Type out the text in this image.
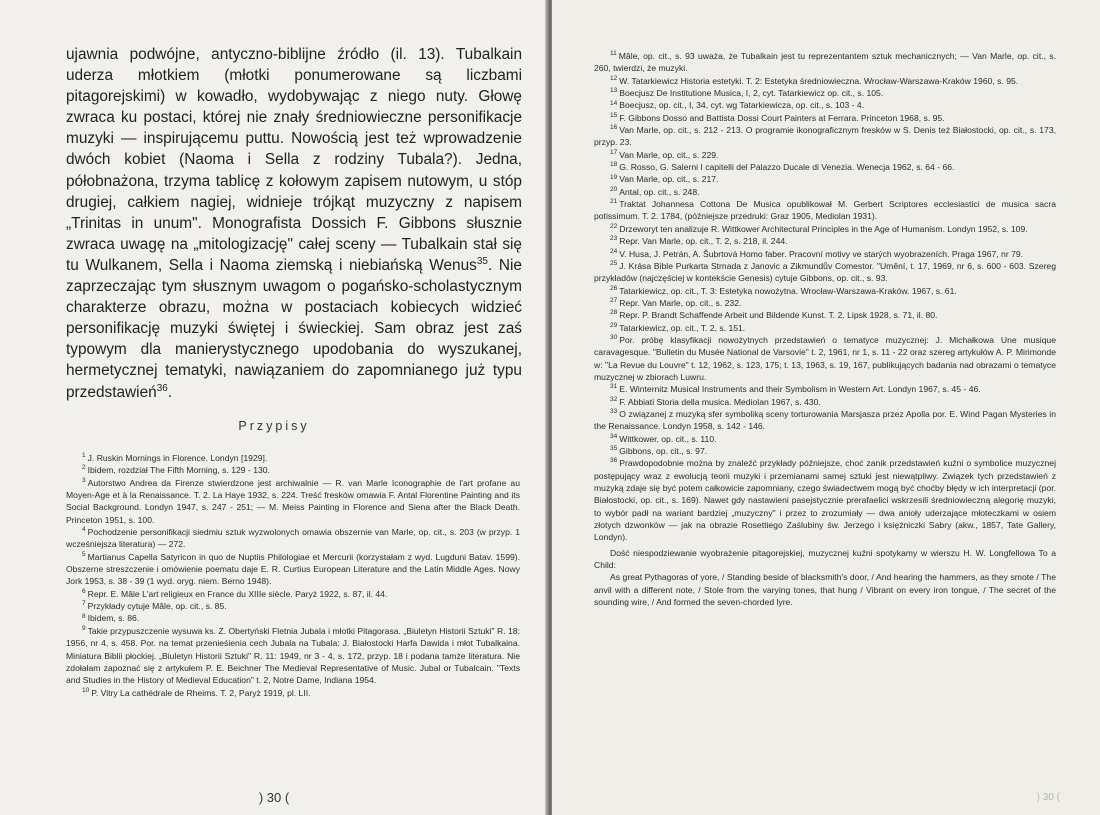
ujawnia podwójne, antyczno-biblijne źródło (il. 13). Tubalkain uderza młotkiem (młotki ponumerowane są liczbami pitagorejskimi) w kowadło, wydobywając z niego nuty. Głowę zwraca ku postaci, której nie znały średniowieczne personifikacje muzyki — inspirującemu puttu. Nowością jest też wprowadzenie dwóch kobiet (Naoma i Sella z rodziny Tubala?). Jedna, półobnażona, trzyma tablicę z kołowym zapisem nutowym, u stóp drugiej, całkiem nagiej, widnieje trójkąt muzyczny z napisem „Trinitas in unum". Monografista Dossich F. Gibbons słusznie zwraca uwagę na „mitologizację" całej sceny — Tubalkain stał się tu Wulkanem, Sella i Naoma ziemską i niebiańską Wenus$^{35}$. Nie zaprzeczając tym słusznym uwagom o pogańsko-scholastycznym charakterze obrazu, można w postaciach kobiecych widzieć personifikację muzyki świętej i świeckiej. Sam obraz jest zaś typowym dla manierystycznego upodobania do wyszukanej, hermetycznej tematyki, nawiązaniem do zapomnianego już typu przedstawień$^{36}$.

Przypisy

$^1$ J. Ruskin Mornings in Florence. Londyn [1929].

$^2$ Ibidem, rozdział The Fifth Morning, s. 129 - 130.

$^3$ Autorstwo Andrea da Firenze stwierdzone jest archiwalnie — R. van Marle Iconographie de l'art profane au Moyen-Age et à la Renaissance. T. 2. La Haye 1932, s. 224. Treść fresków omawia F. Antal Florentine Painting and its Social Background. Londyn 1947, s. 247 - 251; — M. Meiss Painting in Florence and Siena after the Black Death. Princeton 1951, s. 100.

$^4$ Pochodzenie personifikacji siedmiu sztuk wyzwolonych omawia obszernie van Marle, op. cit., s. 203 (w przyp. 1 wcześniejsza literatura) — 272.

$^5$ Martianus Capella Satyricon in quo de Nuptiis Philologiae et Mercurii (korzystałam z wyd. Lugduni Batav. 1599). Obszerne streszczenie i omówienie poematu daje E. R. Curtius European Literature and the Latin Middle Ages. Nowy Jork 1953, s. 38 - 39 (1 wyd. oryg. niem. Berno 1948).

$^6$ Repr. E. Mâle L'art religieux en France du XIIIe siècle. Paryż 1922, s. 87, il. 44.

$^7$ Przykłady cytuje Mâle, op. cit., s. 85.

$^8$ Ibidem, s. 86.

$^9$ Takie przypuszczenie wysuwa ks. Z. Obertyński Fletnia Jubala i młotki Pitagorasa. „Biuletyn Historii Sztuki" R. 18: 1956, nr 4, s. 458. Por. na temat przenieśienia cech Jubala na Tubala: J. Białostocki Harfa Dawida i młot Tubalkaina. Miniatura Biblii płockiej. „Biuletyn Historii Sztuki" R. 11: 1949, nr 3 - 4, s. 172, przyp. 18 i podana tamże literatura. Nie zdołałam zapoznać się z artykułem P. E. Beichner The Medieval Representative of Music. Jubal or Tubalcain. "Texts and Studies in the History of Medieval Education" t. 2, Notre Dame, Indiana 1954.

$^{10}$ P. Vitry La cathédrale de Rheims. T. 2, Paryż 1919, pl. LII.

) 30 (

$^{11}$ Mâle, op. cit., s. 93 uważa, że Tubalkain jest tu reprezentantem sztuk mechanicznych; — Van Marle, op. cit., s. 260, twierdzi, że muzyki.

$^{12}$ W. Tatarkiewicz Historia estetyki. T. 2: Estetyka średniowieczna. Wrocław-Warszawa-Kraków 1960, s. 95.

$^{13}$ Boecjusz De Institutione Musica, I, 2, cyt. Tatarkiewicz op. cit., s. 105.

$^{14}$ Boecjusz, op. cit., I, 34, cyt. wg Tatarkiewicza, op. cit., s. 103 - 4.

$^{15}$ F. Gibbons Dosso and Battista Dossi Court Painters at Ferrara. Princeton 1968, s. 95.

$^{16}$ Van Marle, op. cit., s. 212 - 213. O programie ikonograficznym fresków w S. Denis też Białostocki, op. cit., s. 173, przyp. 23.

$^{17}$ Van Marle, op. cit., s. 229.

$^{18}$ G. Rosso, G. Salerni I capitelli del Palazzo Ducale di Venezia. Wenecja 1962, s. 64 - 66.

$^{19}$ Van Marle, op. cit., s. 217.

$^{20}$ Antal, op. cit., s. 248.

$^{21}$ Traktat Johannesa Cottona De Musica opublikował M. Gerbert Scriptores ecclesiastici de musica sacra potissimum. T. 2. 1784, (późniejsze przedruki: Graz 1905, Mediolan 1931).

$^{22}$ Drzeworyt ten analizuje R. Wittkower Architectural Principles in the Age of Humanism. Londyn 1952, s. 109.

$^{23}$ Repr. Van Marle, op. cit., T. 2, s. 218, il. 244.

$^{24}$ V. Husa, J. Petrán, A. Šubrtová Homo faber. Pracovní motivy ve starých wyobrazeních. Praga 1967, nr 79.

$^{25}$ J. Krása Bible Purkarta Strnada z Janovic a Zikmundův Comestor. "Umění, t. 17, 1969, nr 6, s. 600 - 603. Szereg przykładów (najczęściej w kontekście Genesis) cytuje Gibbons, op. cit., s. 93.

$^{26}$ Tatarkiewicz, op. cit., T. 3: Estetyka nowożytna. Wrocław-Warszawa-Kraków. 1967, s. 61.

$^{27}$ Repr. Van Marle, op. cit., s. 232.

$^{28}$ Repr. P. Brandt Schaffende Arbeit und Bildende Kunst. T. 2. Lipsk 1928, s. 71, il. 80.

$^{29}$ Tatarkiewicz, op. cit., T. 2, s. 151.

$^{30}$ Por. próbę klasyfikacji nowożytnych przedstawień o tematyce muzycznej: J. Michałkowa Une musique caravagesque. "Bulletin du Musée National de Varsovie" t. 2, 1961, nr 1, s. 11 - 22 oraz szereg artykułów A. P. Mirimonde w: "La Revue du Louvre" t. 12, 1962, s. 123, 175; t. 13, 1963, s. 19, 167, publikujących badania nad obrazami o tematyce muzycznej w zbiorach Luwru.

$^{31}$ E. Winternitz Musical Instruments and their Symbolism in Western Art. Londyn 1967, s. 45 - 46.

$^{32}$ F. Abbiati Storia della musica. Mediolan 1967, s. 430.

$^{33}$ O związanej z muzyką sfer symboliką sceny torturowania Marsjasza przez Apolla por. E. Wind Pagan Mysteries in the Renaissance. Londyn 1958, s. 142 - 146.

$^{34}$ Wittkower, op. cit., s. 110.

$^{35}$ Gibbons, op. cit., s. 97.

$^{36}$ Prawdopodobnie można by znaleźć przykłady późniejsze, choć zanik przedstawień kuźni o symbolice muzycznej postępujący wraz z ewolucją teorii muzyki i przemianami samej sztuki jest niewątpliwy. Związek tych przedstawień z muzyką zdaje się być potem całkowicie zapomniany, czego świadectwem mogą być choćby błędy w ich interpretacji (por. Białostocki, op. cit., s. 169). Nawet gdy nastawieni pasejstycznie prerafaelici wskrzesili średniowieczną alegorię muzyki, to wybór padł na wariant bardziej „muzyczny" i przez to zrozumiały — dwa anioły uderzające młoteczkami w osiem złotych dzwonków — jak na obrazie Rosettiego Zaślubiny św. Jerzego i księżniczki Sabry (akw., 1857, Tate Gallery, Londyn).

Dość niespodziewanie wyobrażenie pitagorejskiej, muzycznej kuźni spotykamy w wierszu H. W. Longfellowa To a Child:

As great Pythagoras of yore, / Standing beside of blacksmith's door, / And hearing the hammers, as they smote / The anvil with a different note, / Stole from the varying tones, that hung / Vibrant on every iron tongue, / The secret of the sounding wire, / And formed the seven-chorded lyre.

) 30 (
